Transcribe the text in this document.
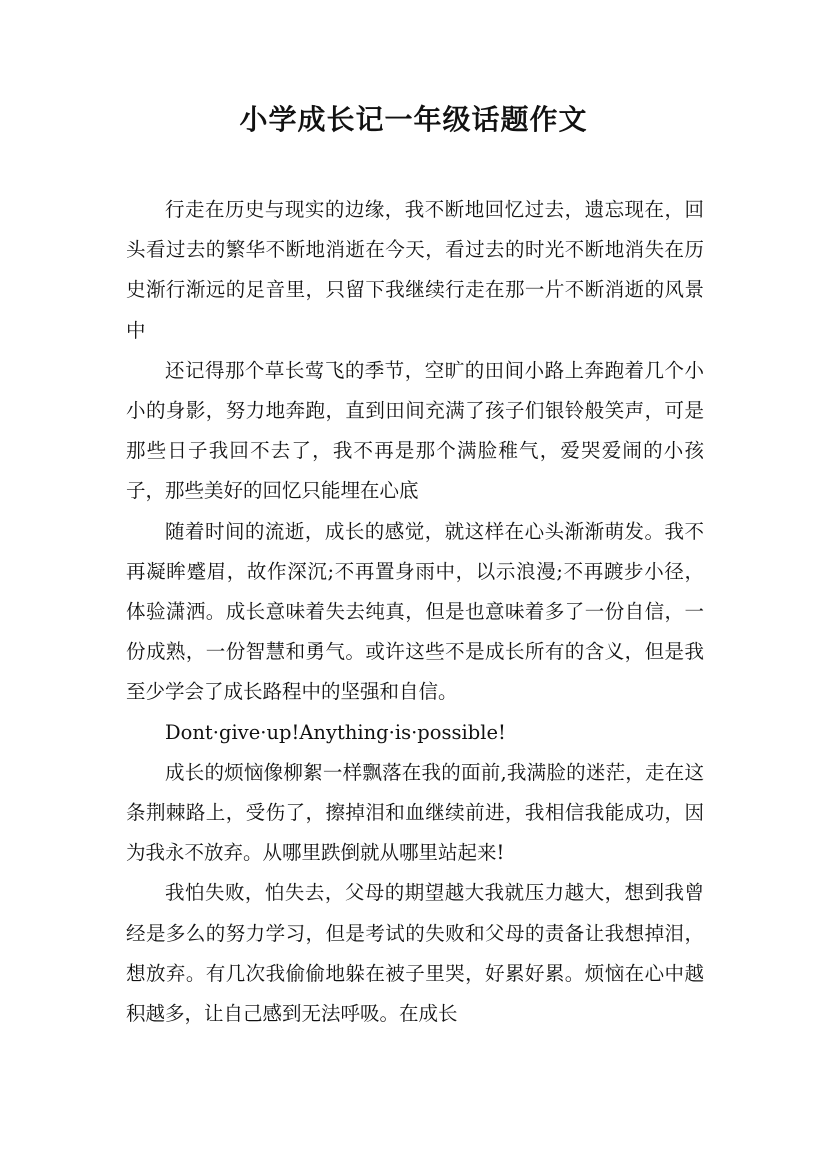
小学成长记一年级话题作文

行走在历史与现实的边缘，我不断地回忆过去，遗忘现在，回头看过去的繁华不断地消逝在今天，看过去的时光不断地消失在历史渐行渐远的足音里，只留下我继续行走在那一片不断消逝的风景中

还记得那个草长莺飞的季节，空旷的田间小路上奔跑着几个小小的身影，努力地奔跑，直到田间充满了孩子们银铃般笑声，可是那些日子我回不去了，我不再是那个满脸稚气，爱哭爱闹的小孩子，那些美好的回忆只能埋在心底

随着时间的流逝，成长的感觉，就这样在心头渐渐萌发。我不再凝眸蹙眉，故作深沉;不再置身雨中，以示浪漫;不再踱步小径，体验潇洒。成长意味着失去纯真，但是也意味着多了一份自信，一份成熟，一份智慧和勇气。或许这些不是成长所有的含义，但是我至少学会了成长路程中的坚强和自信。

Dont·give·up!Anything·is·possible!

成长的烦恼像柳絮一样飘落在我的面前,我满脸的迷茫，走在这条荆棘路上，受伤了，擦掉泪和血继续前进，我相信我能成功，因为我永不放弃。从哪里跌倒就从哪里站起来!

我怕失败，怕失去，父母的期望越大我就压力越大，想到我曾经是多么的努力学习，但是考试的失败和父母的责备让我想掉泪，想放弃。有几次我偷偷地躲在被子里哭，好累好累。烦恼在心中越积越多，让自己感到无法呼吸。在成长
